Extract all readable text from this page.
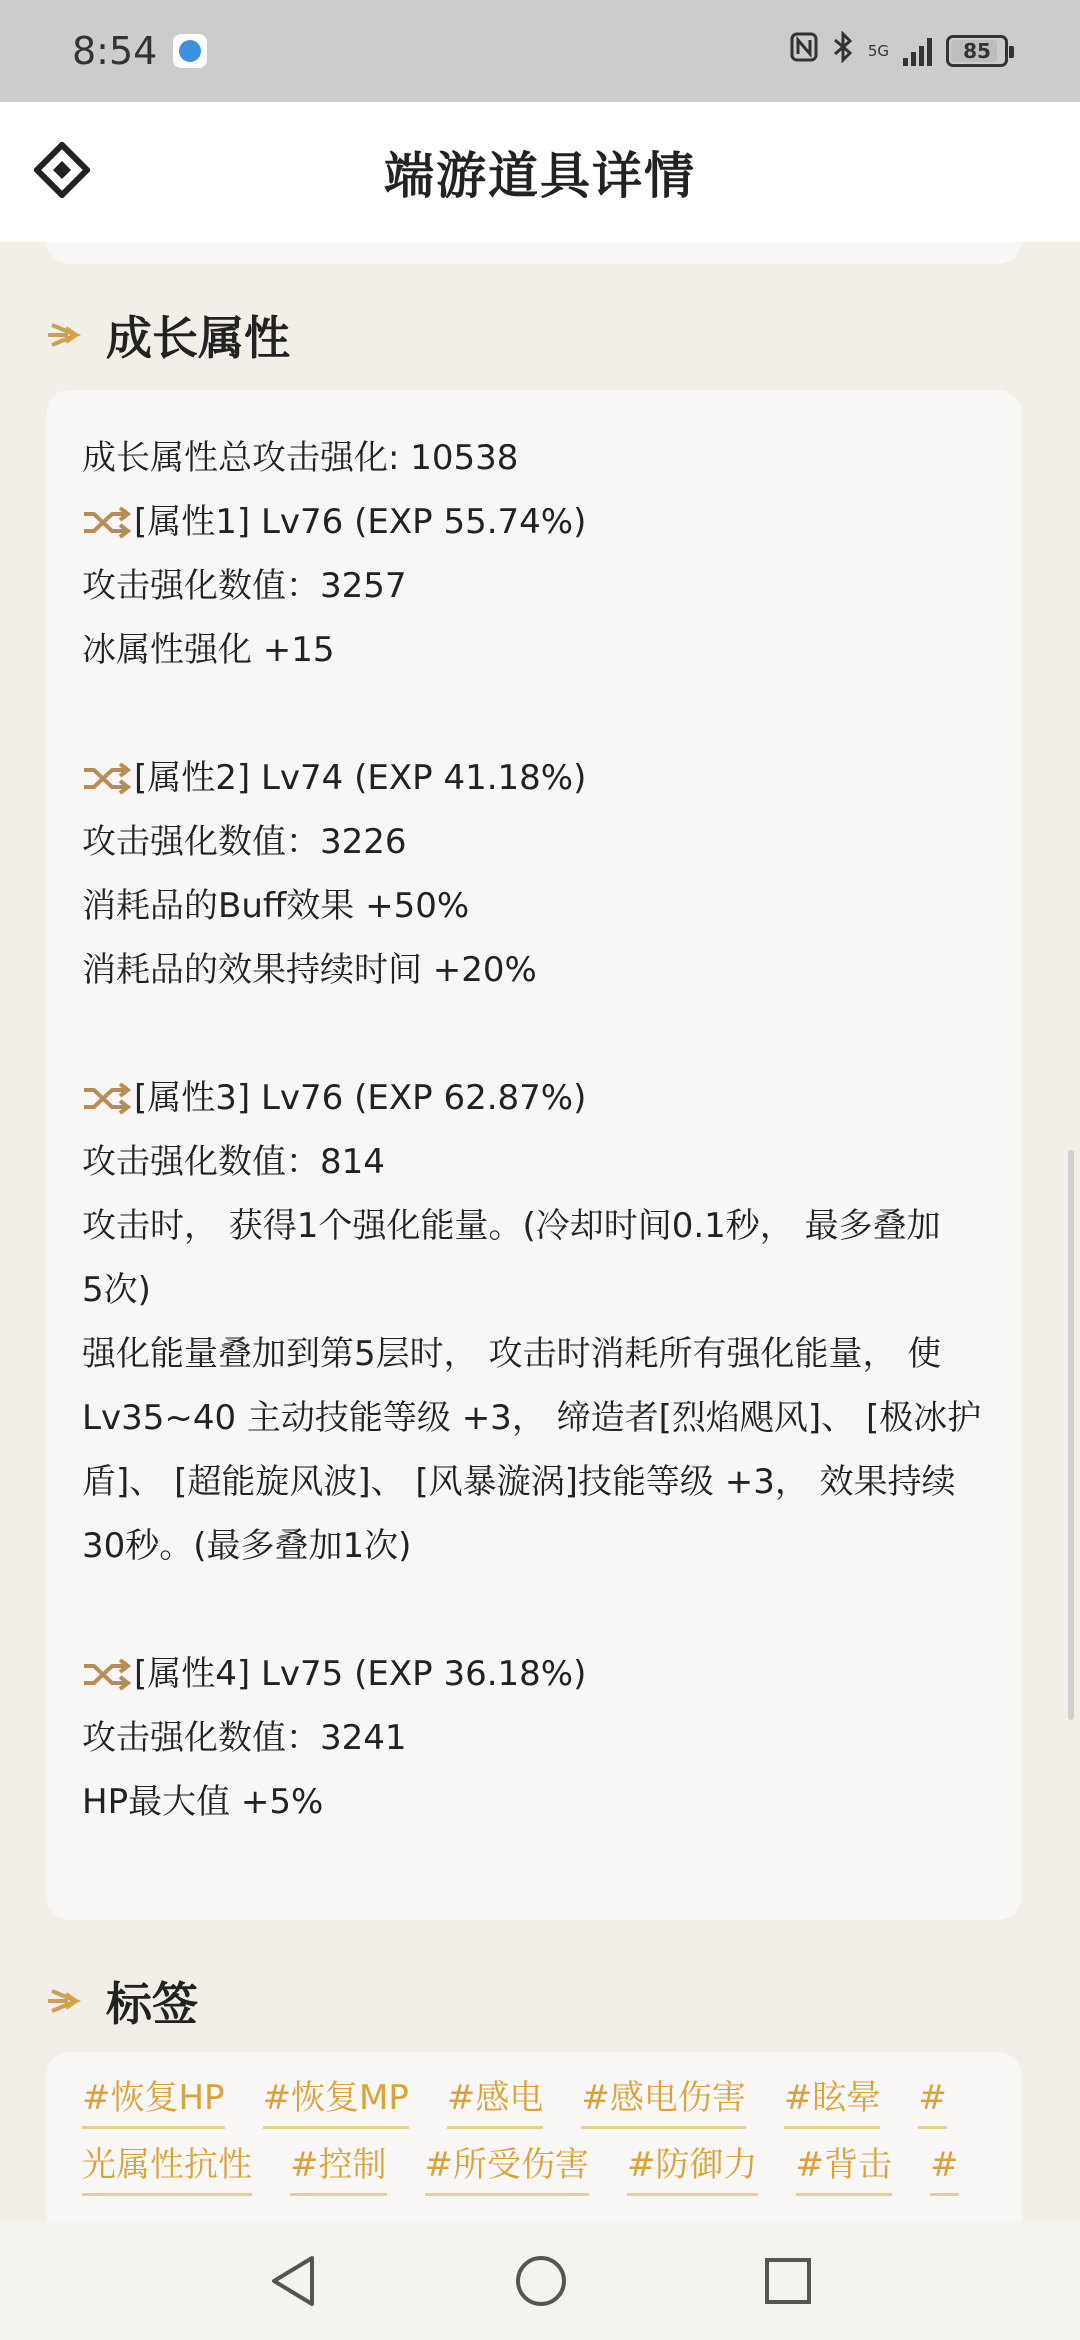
8:54	5G	85
端游道具详情
成长属性
成长属性总攻击强化: 10538
[属性1] Lv76 (EXP 55.74%)
攻击强化数值：3257
冰属性强化 +15
[属性2] Lv74 (EXP 41.18%)
攻击强化数值：3226
消耗品的Buff效果 +50%
消耗品的效果持续时间 +20%
[属性3] Lv76 (EXP 62.87%)
攻击强化数值：814
攻击时， 获得1个强化能量。(冷却时间0.1秒， 最多叠加
5次)
强化能量叠加到第5层时， 攻击时消耗所有强化能量， 使
Lv35~40 主动技能等级 +3， 缔造者[烈焰飓风]、 [极冰护
盾]、 [超能旋风波]、 [风暴漩涡]技能等级 +3， 效果持续
30秒。(最多叠加1次)
[属性4] Lv75 (EXP 36.18%)
攻击强化数值：3241
HP最大值 +5%
标签
#恢复HP #恢复MP #感电 #感电伤害 #眩晕 #
光属性抗性 #控制 #所受伤害 #防御力 #背击 #
